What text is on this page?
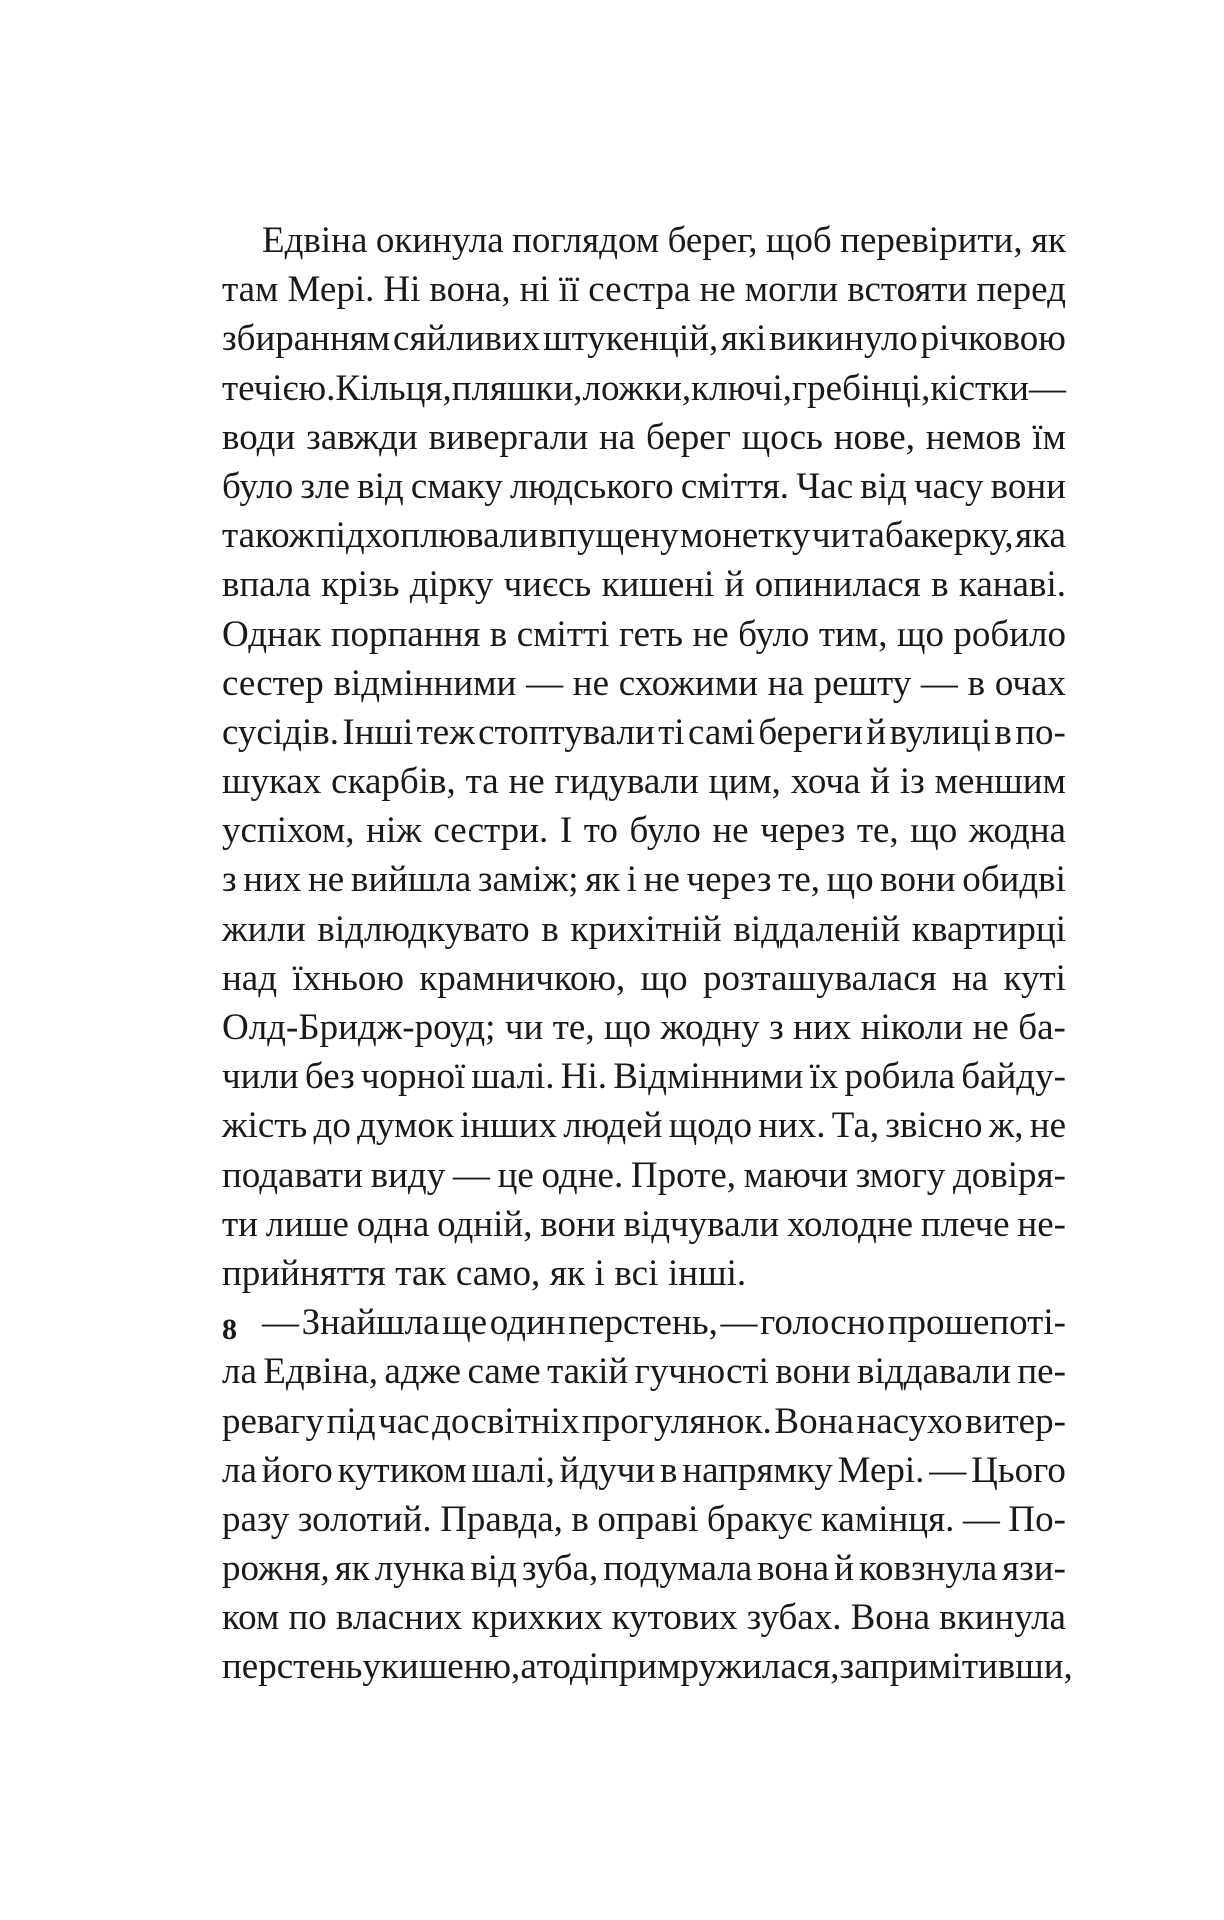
Едвіна окинула поглядом берег, щоб перевірити, як
там Мері. Ні вона, ні її сестра не могли встояти перед
збиранням сяйливих штукенцій, які викинуло річковою
течією. Кільця, пляшки, ложки, ключі, гребінці, кістки —
води завжди вивергали на берег щось нове, немов їм
було зле від смаку людського сміття. Час від часу вони
також підхоплювали впущену монетку чи табакерку, яка
впала крізь дірку чиєсь кишені й опинилася в канаві.
Однак порпання в смітті геть не було тим, що робило
сестер відмінними — не схожими на решту — в очах
сусідів. Інші теж стоптували ті самі береги й вулиці в по-
шуках скарбів, та не гидували цим, хоча й із меншим
успіхом, ніж сестри. І то було не через те, що жодна
з них не вийшла заміж; як і не через те, що вони обидві
жили відлюдкувато в крихітній віддаленій квартирці
над їхньою крамничкою, що розташувалася на куті
Олд-Бридж-роуд; чи те, що жодну з них ніколи не ба-
чили без чорної шалі. Ні. Відмінними їх робила байду-
жість до думок інших людей щодо них. Та, звісно ж, не
подавати виду — це одне. Проте, маючи змогу довіря-
ти лише одна одній, вони відчували холодне плече не-
прийняття так само, як і всі інші.
— Знайшла ще один перстень, — голосно прошепоті-
ла Едвіна, адже саме такій гучності вони віддавали пе-
ревагу під час досвітніх прогулянок. Вона насухо витер-
ла його кутиком шалі, йдучи в напрямку Мері. — Цього
разу золотий. Правда, в оправі бракує камінця. — По-
рожня, як лунка від зуба, подумала вона й ковзнула язи-
ком по власних крихких кутових зубах. Вона вкинула
перстень у кишеню, а тоді примружилася, запримітивши,
8
